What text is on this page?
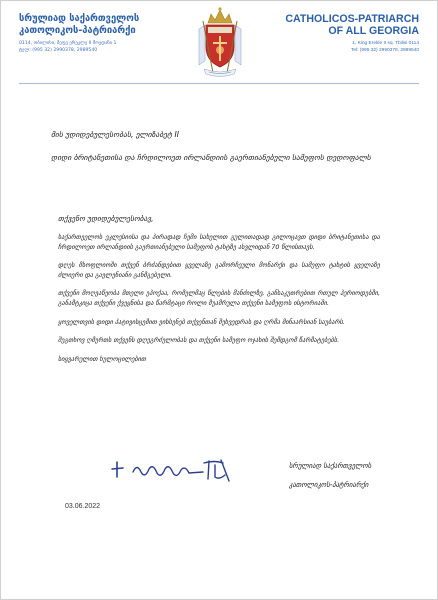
სრულიად საქართველოს
კათოლიკოს-პატრიარქი
0114, თბილისი, მეფე ერეკლე II მოედანი 1
ტელ: (995 32) 2990378, 2989540
CATHOLICOS-PATRIARCH
OF ALL GEORGIA
1, King Erekle II sq. Tbilisi 0114
Tel: (995 32) 2990378, 2989540
მის უდიდებულესობას, ელიზაბეტ II
დიდი ბრიტანეთისა და ჩრდილოეთ ირლანდიის გაერთიანებული სამეფოს დედოფალს
თქვენო უდიდებულესობავ,

საქართველოს ეკლესიისა და პირადად ჩემი სახელით გულითადად გილოცავთ დიდი ბრიტანეთისა და ჩრდილოეთ ირლანდიის გაერთიანებული სამეფოს ტახტზე ასვლიდან 70 წლისთავს.

დღეს მსოფლიოში თქვენ ბრძანდებით ყველაზე გამორჩეული მონარქი და სამეფო ტახტის ყველაზე ძლიერი და გავლენიანი განმგებელი.

თქვენი მოღვაწეობა მთელი ეპოქაა, რომელმაც წლების მანძილზე, განსაკუთრებით რთულ პერიოდებში, განამტკიცა თქვენი ქვეყნისა და წარმტაცი როლი მუამრულა თქვენი სამეფოს ისტორიაში.

ყოველთვის დიდი პატივისცემით ვიხსენებ თქვენთან შეხვედრას და ღრმა მინაარსიან საუბარს.

შეგთხოვ ღმერთს თქვენს დღეგრძელობას და თქვენი სამეფო ოჯახის შემდგომ წარმატებებს.

სიყვარულით ხულოცილებით

სრულიად საქართველოს
კათოლიკოს-პატრიარქი
03.06.2022
